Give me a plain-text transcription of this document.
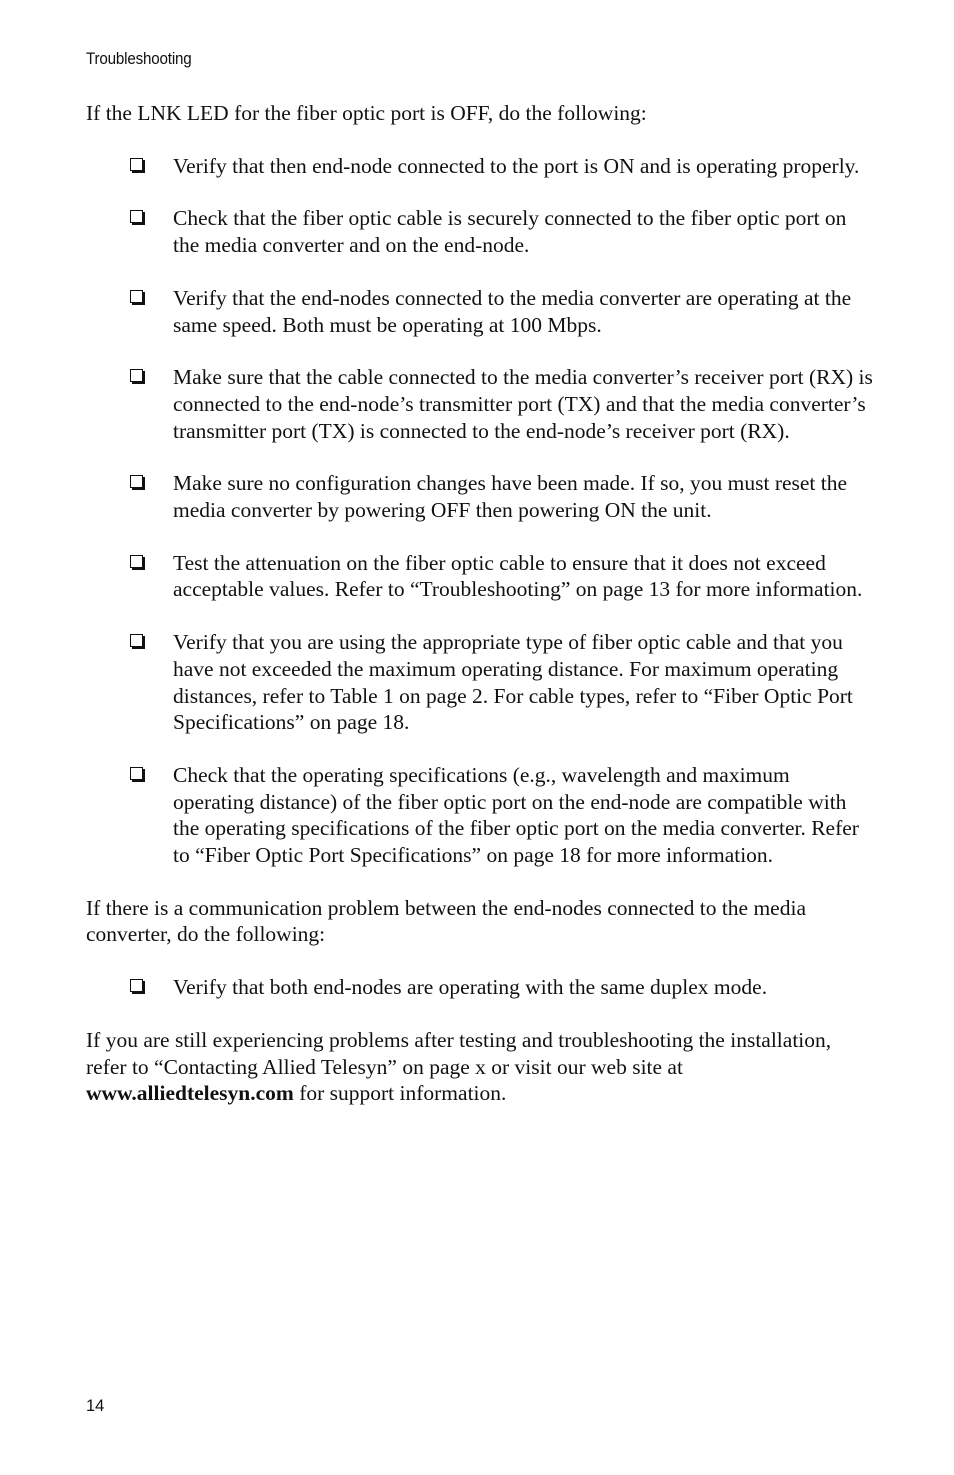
Troubleshooting

If the LNK LED for the fiber optic port is OFF, do the following:

Verify that then end-node connected to the port is ON and is operating properly.
Check that the fiber optic cable is securely connected to the fiber optic port on the media converter and on the end-node.
Verify that the end-nodes connected to the media converter are operating at the same speed. Both must be operating at 100 Mbps.
Make sure that the cable connected to the media converter’s receiver port (RX) is connected to the end-node’s transmitter port (TX) and that the media converter’s transmitter port (TX) is connected to the end-node’s receiver port (RX).
Make sure no configuration changes have been made. If so, you must reset the media converter by powering OFF then powering ON the unit.
Test the attenuation on the fiber optic cable to ensure that it does not exceed acceptable values. Refer to “Troubleshooting” on page 13 for more information.
Verify that you are using the appropriate type of fiber optic cable and that you have not exceeded the maximum operating distance. For maximum operating distances, refer to Table 1 on page 2. For cable types, refer to “Fiber Optic Port Specifications” on page 18.
Check that the operating specifications (e.g., wavelength and maximum operating distance) of the fiber optic port on the end-node are compatible with the operating specifications of the fiber optic port on the media converter. Refer to “Fiber Optic Port Specifications” on page 18 for more information.

If there is a communication problem between the end-nodes connected to the media converter, do the following:

Verify that both end-nodes are operating with the same duplex mode.

If you are still experiencing problems after testing and troubleshooting the installation, refer to “Contacting Allied Telesyn” on page x or visit our web site at www.alliedtelesyn.com for support information.

14
